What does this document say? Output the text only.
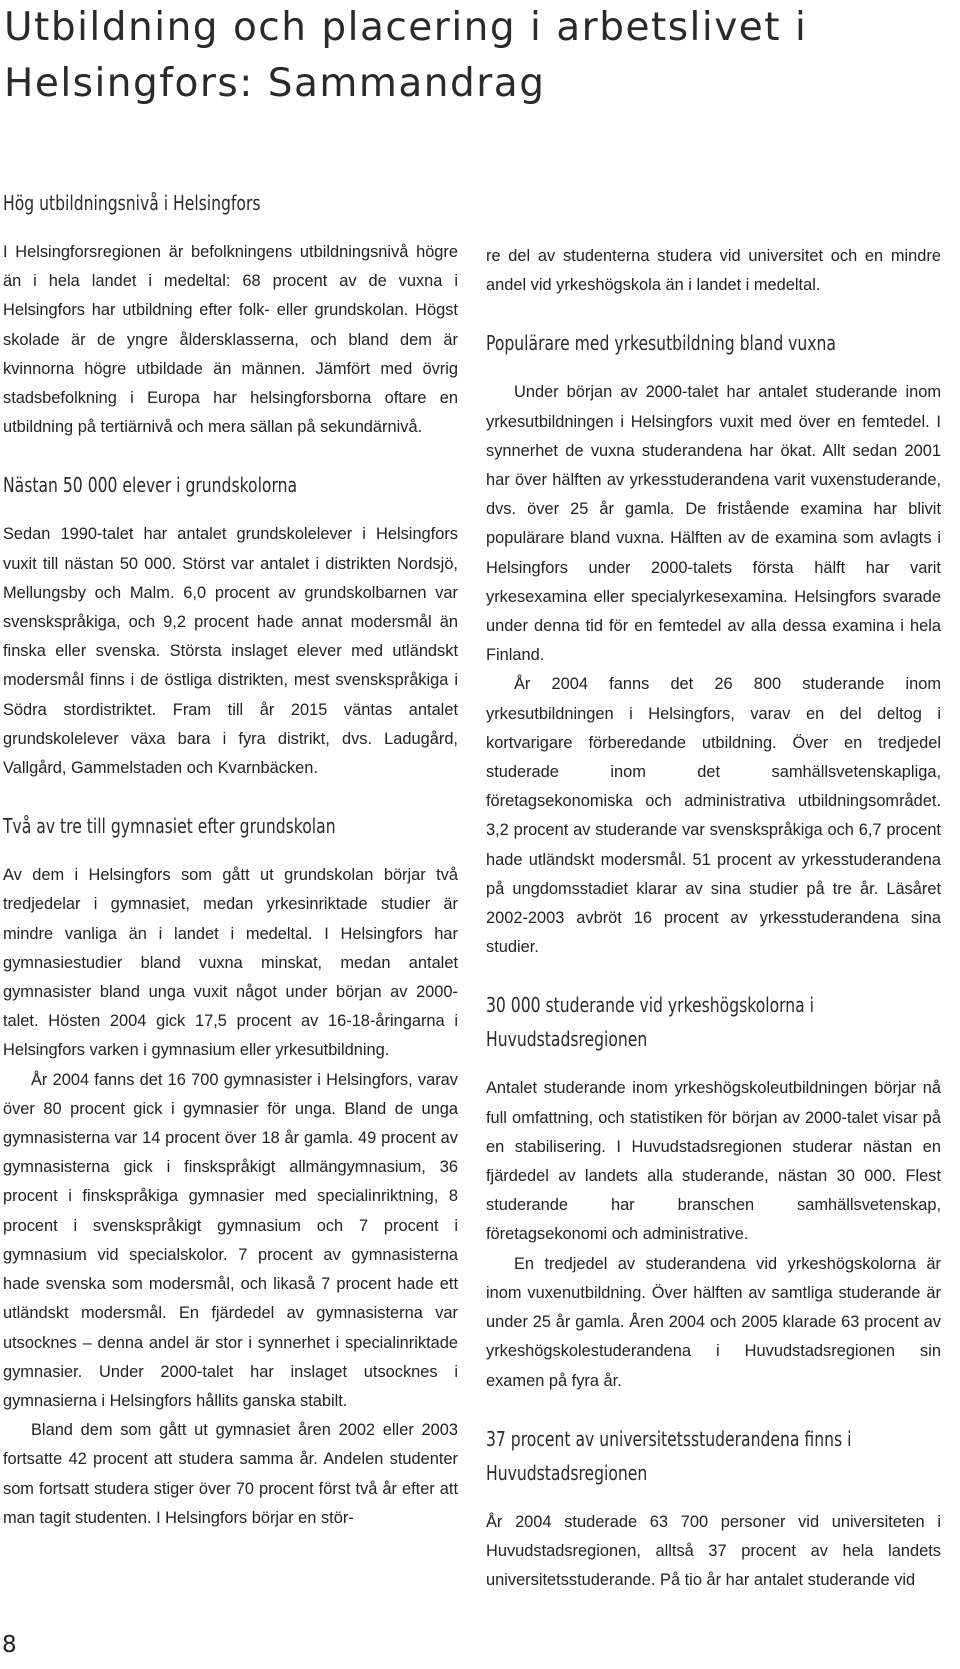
Utbildning och placering i arbetslivet i
Helsingfors: Sammandrag
Hög utbildningsnivå i Helsingfors

I Helsingforsregionen är befolkningens utbildningsnivå högre än i hela landet i medeltal: 68 procent av de vuxna i Helsingfors har utbildning efter folk- eller grundskolan. Högst skolade är de yngre åldersklasserna, och bland dem är kvinnorna högre utbildade än männen. Jämfört med övrig stadsbefolkning i Europa har helsingforsborna oftare en utbildning på tertiärnivå och mera sällan på sekundärnivå.

Nästan 50 000 elever i grundskolorna

Sedan 1990-talet har antalet grundskolelever i Helsingfors vuxit till nästan 50 000. Störst var antalet i distrikten Nordsjö, Mellungsby och Malm. 6,0 procent av grundskolbarnen var svenskspråkiga, och 9,2 procent hade annat modersmål än finska eller svenska. Största inslaget elever med utländskt modersmål finns i de östliga distrikten, mest svenskspråkiga i Södra stordistriktet. Fram till år 2015 väntas antalet grundskolelever växa bara i fyra distrikt, dvs. Ladugård, Vallgård, Gammelstaden och Kvarnbäcken.

Två av tre till gymnasiet efter grundskolan

Av dem i Helsingfors som gått ut grundskolan börjar två tredjedelar i gymnasiet, medan yrkesinriktade studier är mindre vanliga än i landet i medeltal. I Helsingfors har gymnasiestudier bland vuxna minskat, medan antalet gymnasister bland unga vuxit något under början av 2000-talet. Hösten 2004 gick 17,5 procent av 16-18-åringarna i Helsingfors varken i gymnasium eller yrkesutbildning.

År 2004 fanns det 16 700 gymnasister i Helsingfors, varav över 80 procent gick i gymnasier för unga. Bland de unga gymnasisterna var 14 procent över 18 år gamla. 49 procent av gymnasisterna gick i finskspråkigt allmängymnasium, 36 procent i finskspråkiga gymnasier med specialinriktning, 8 procent i svenskspråkigt gymnasium och 7 procent i gymnasium vid specialskolor. 7 procent av gymnasisterna hade svenska som modersmål, och likaså 7 procent hade ett utländskt modersmål. En fjärdedel av gymnasisterna var utsocknes – denna andel är stor i synnerhet i specialinriktade gymnasier. Under 2000-talet har inslaget utsocknes i gymnasierna i Helsingfors hållits ganska stabilt.

Bland dem som gått ut gymnasiet åren 2002 eller 2003 fortsatte 42 procent att studera samma år. Andelen studenter som fortsatt studera stiger över 70 procent först två år efter att man tagit studenten. I Helsingfors börjar en stör-

re del av studenterna studera vid universitet och en mindre andel vid yrkeshögskola än i landet i medeltal.

Populärare med yrkesutbildning bland vuxna

Under början av 2000-talet har antalet studerande inom yrkesutbildningen i Helsingfors vuxit med över en femtedel. I synnerhet de vuxna studerandena har ökat. Allt sedan 2001 har över hälften av yrkesstuderandena varit vuxenstuderande, dvs. över 25 år gamla. De fristående examina har blivit populärare bland vuxna. Hälften av de examina som avlagts i Helsingfors under 2000-talets första hälft har varit yrkesexamina eller specialyrkesexamina. Helsingfors svarade under denna tid för en femtedel av alla dessa examina i hela Finland.

År 2004 fanns det 26 800 studerande inom yrkesutbildningen i Helsingfors, varav en del deltog i kortvarigare förberedande utbildning. Över en tredjedel studerade inom det samhällsvetenskapliga, företagsekonomiska och administrativa utbildningsområdet. 3,2 procent av studerande var svenskspråkiga och 6,7 procent hade utländskt modersmål. 51 procent av yrkesstuderandena på ungdomsstadiet klarar av sina studier på tre år. Läsåret 2002-2003 avbröt 16 procent av yrkesstuderandena sina studier.

30 000 studerande vid yrkeshögskolorna i
Huvudstadsregionen

Antalet studerande inom yrkeshögskoleutbildningen börjar nå full omfattning, och statistiken för början av 2000-talet visar på en stabilisering. I Huvudstadsregionen studerar nästan en fjärdedel av landets alla studerande, nästan 30 000. Flest studerande har branschen samhällsvetenskap, företagsekonomi och administrative.

En tredjedel av studerandena vid yrkeshögskolorna är inom vuxenutbildning. Över hälften av samtliga studerande är under 25 år gamla. Åren 2004 och 2005 klarade 63 procent av yrkeshögskolestuderandena i Huvudstadsregionen sin examen på fyra år.

37 procent av universitetsstuderandena finns i
Huvudstadsregionen

År 2004 studerade 63 700 personer vid universiteten i Huvudstadsregionen, alltså 37 procent av hela landets universitetsstuderande. På tio år har antalet studerande vid

8
